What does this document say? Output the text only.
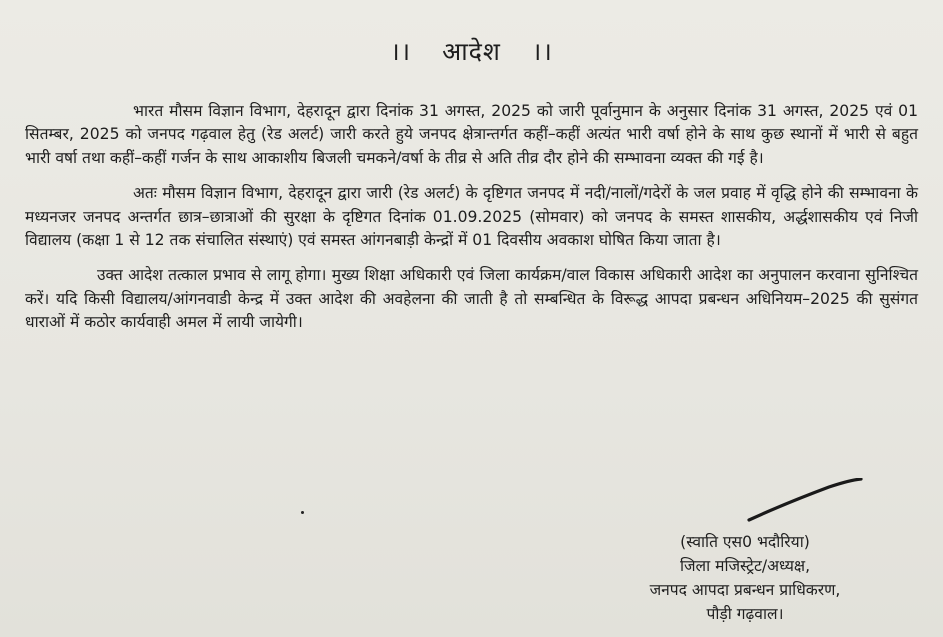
।। आदेश ।।

भारत मौसम विज्ञान विभाग, देहरादून द्वारा दिनांक 31 अगस्त, 2025 को जारी पूर्वानुमान के अनुसार दिनांक 31 अगस्त, 2025 एवं 01 सितम्बर, 2025 को जनपद गढ़वाल हेतु (रेड अलर्ट) जारी करते हुये जनपद क्षेत्रान्तर्गत कहीं–कहीं अत्यंत भारी वर्षा होने के साथ कुछ स्थानों में भारी से बहुत भारी वर्षा तथा कहीं–कहीं गर्जन के साथ आकाशीय बिजली चमकने/वर्षा के तीव्र से अति तीव्र दौर होने की सम्भावना व्यक्त की गई है।

अतः मौसम विज्ञान विभाग, देहरादून द्वारा जारी (रेड अलर्ट) के दृष्टिगत जनपद में नदी/नालों/गदेरों के जल प्रवाह में वृद्धि होने की सम्भावना के मध्यनजर जनपद अन्तर्गत छात्र–छात्राओं की सुरक्षा के दृष्टिगत दिनांक 01.09.2025 (सोमवार) को जनपद के समस्त शासकीय, अर्द्धशासकीय एवं निजी विद्यालय (कक्षा 1 से 12 तक संचालित संस्थाएं) एवं समस्त आंगनबाड़ी केन्द्रों में 01 दिवसीय अवकाश घोषित किया जाता है।

उक्त आदेश तत्काल प्रभाव से लागू होगा। मुख्य शिक्षा अधिकारी एवं जिला कार्यक्रम/वाल विकास अधिकारी आदेश का अनुपालन करवाना सुनिश्चित करें। यदि किसी विद्यालय/आंगनवाडी केन्द्र में उक्त आदेश की अवहेलना की जाती है तो सम्बन्धित के विरूद्ध आपदा प्रबन्धन अधिनियम–2025 की सुसंगत धाराओं में कठोर कार्यवाही अमल में लायी जायेगी।

(स्वाति एस0 भदौरिया)
जिला मजिस्ट्रेट/अध्यक्ष,
जनपद आपदा प्रबन्धन प्राधिकरण,
पौड़ी गढ़वाल।
